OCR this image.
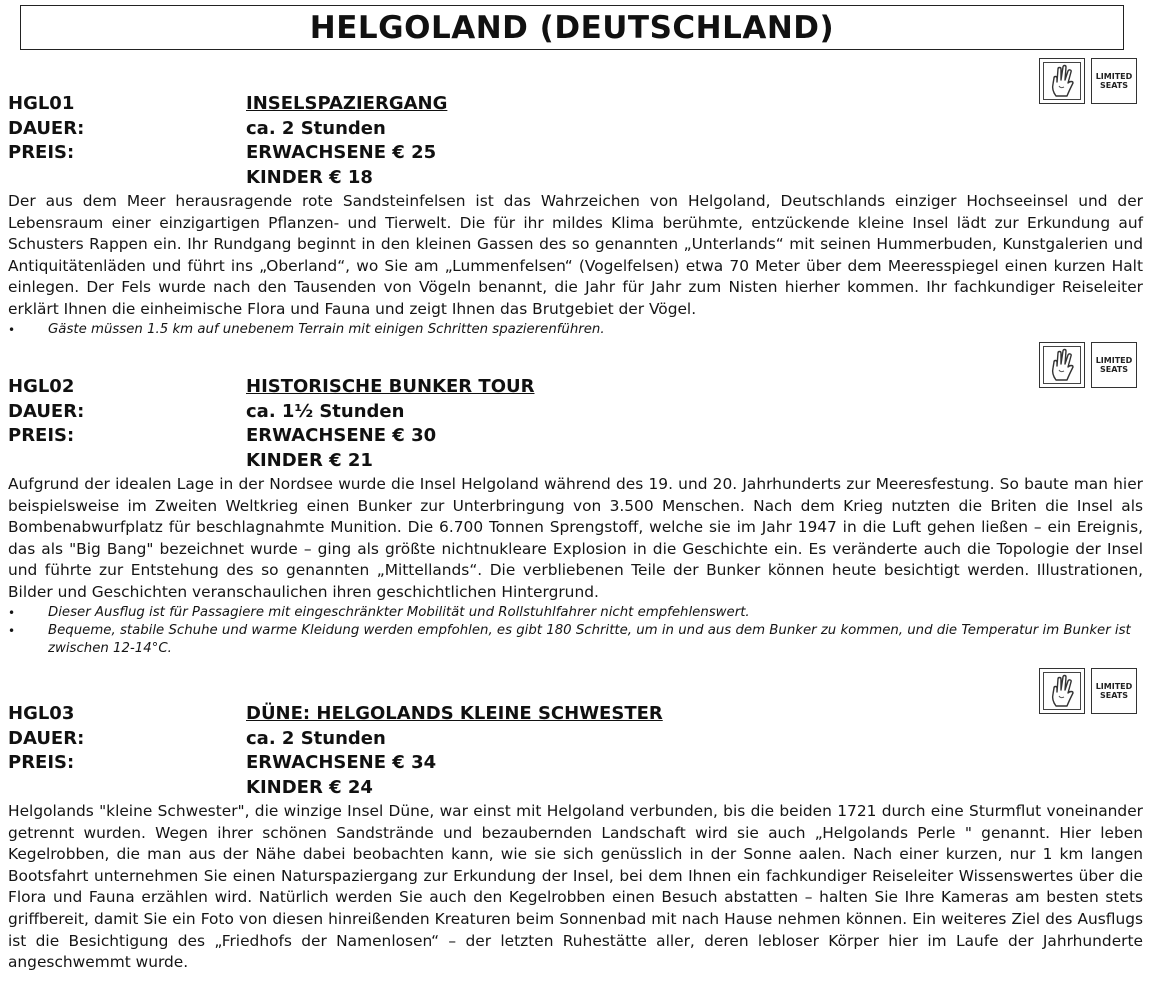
HELGOLAND (DEUTSCHLAND)
LIMITED
SEATS
HGL01	INSELSPAZIERGANG
DAUER:	ca. 2 Stunden
PREIS:	ERWACHSENE € 25
KINDER € 18

Der aus dem Meer herausragende rote Sandsteinfelsen ist das Wahrzeichen von Helgoland, Deutschlands einziger Hochseeinsel und der Lebensraum einer einzigartigen Pflanzen- und Tierwelt. Die für ihr mildes Klima berühmte, entzückende kleine Insel lädt zur Erkundung auf Schusters Rappen ein. Ihr Rundgang beginnt in den kleinen Gassen des so genannten „Unterlands“ mit seinen Hummerbuden, Kunstgalerien und Antiquitätenläden und führt ins „Oberland“, wo Sie am „Lummenfelsen“ (Vogelfelsen) etwa 70 Meter über dem Meeresspiegel einen kurzen Halt einlegen. Der Fels wurde nach den Tausenden von Vögeln benannt, die Jahr für Jahr zum Nisten hierher kommen. Ihr fachkundiger Reiseleiter erklärt Ihnen die einheimische Flora und Fauna und zeigt Ihnen das Brutgebiet der Vögel.

• Gäste müssen 1.5 km auf unebenem Terrain mit einigen Schritten spazierenführen.
LIMITED
SEATS
HGL02	HISTORISCHE BUNKER TOUR
DAUER:	ca. 1½ Stunden
PREIS:	ERWACHSENE € 30
KINDER € 21

Aufgrund der idealen Lage in der Nordsee wurde die Insel Helgoland während des 19. und 20. Jahrhunderts zur Meeresfestung. So baute man hier beispielsweise im Zweiten Weltkrieg einen Bunker zur Unterbringung von 3.500 Menschen. Nach dem Krieg nutzten die Briten die Insel als Bombenabwurfplatz für beschlagnahmte Munition. Die 6.700 Tonnen Sprengstoff, welche sie im Jahr 1947 in die Luft gehen ließen – ein Ereignis, das als "Big Bang" bezeichnet wurde – ging als größte nichtnukleare Explosion in die Geschichte ein. Es veränderte auch die Topologie der Insel und führte zur Entstehung des so genannten „Mittellands“. Die verbliebenen Teile der Bunker können heute besichtigt werden. Illustrationen, Bilder und Geschichten veranschaulichen ihren geschichtlichen Hintergrund.

• Dieser Ausflug ist für Passagiere mit eingeschränkter Mobilität und Rollstuhlfahrer nicht empfehlenswert.
• Bequeme, stabile Schuhe und warme Kleidung werden empfohlen, es gibt 180 Schritte, um in und aus dem Bunker zu kommen, und die Temperatur im Bunker ist zwischen 12-14°C.
LIMITED
SEATS
HGL03	DÜNE: HELGOLANDS KLEINE SCHWESTER
DAUER:	ca. 2 Stunden
PREIS:	ERWACHSENE € 34
KINDER € 24

Helgolands "kleine Schwester", die winzige Insel Düne, war einst mit Helgoland verbunden, bis die beiden 1721 durch eine Sturmflut voneinander getrennt wurden. Wegen ihrer schönen Sandstrände und bezaubernden Landschaft wird sie auch „Helgolands Perle " genannt. Hier leben Kegelrobben, die man aus der Nähe dabei beobachten kann, wie sie sich genüsslich in der Sonne aalen. Nach einer kurzen, nur 1 km langen Bootsfahrt unternehmen Sie einen Naturspaziergang zur Erkundung der Insel, bei dem Ihnen ein fachkundiger Reiseleiter Wissenswertes über die Flora und Fauna erzählen wird. Natürlich werden Sie auch den Kegelrobben einen Besuch abstatten – halten Sie Ihre Kameras am besten stets griffbereit, damit Sie ein Foto von diesen hinreißenden Kreaturen beim Sonnenbad mit nach Hause nehmen können. Ein weiteres Ziel des Ausflugs ist die Besichtigung des „Friedhofs der Namenlosen“ – der letzten Ruhestätte aller, deren lebloser Körper hier im Laufe der Jahrhunderte angeschwemmt wurde.
